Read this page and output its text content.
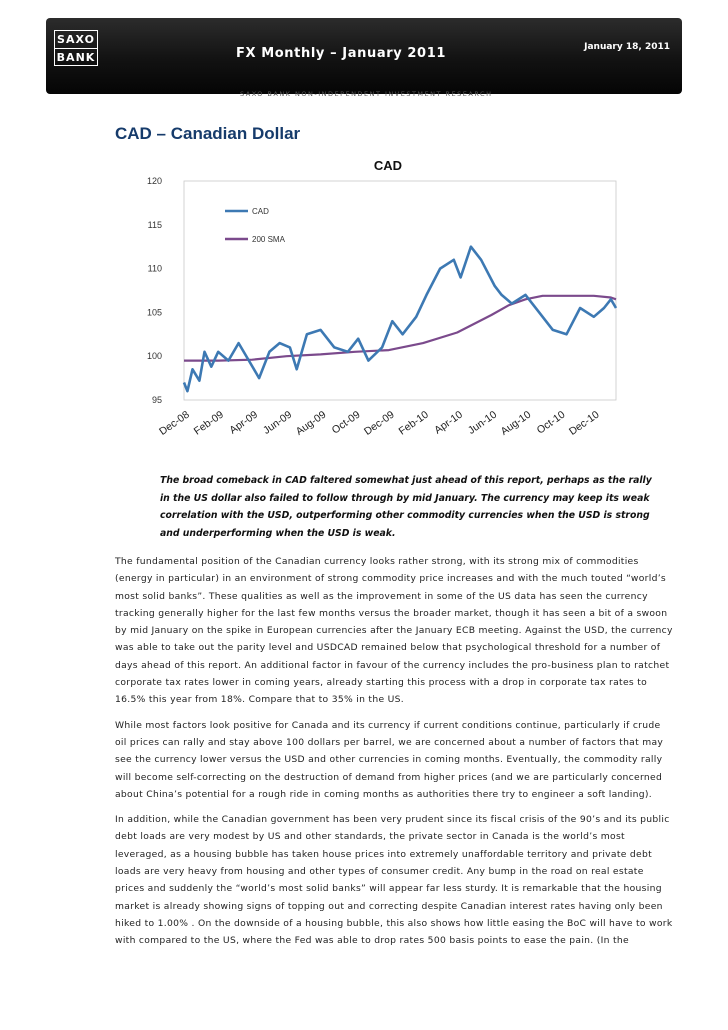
SAXO
BANK	FX Monthly – January 2011	January 18, 2011
SAXO BANK NON-INDEPENDENT INVESTMENT RESEARCH
CAD – Canadian Dollar
CAD
95
100
105
110
115
120
Dec-08 Feb-09 Apr-09 Jun-09 Aug-09 Oct-09 Dec-09 Feb-10 Apr-10 Jun-10 Aug-10 Oct-10 Dec-10
CAD
200 SMA
The broad comeback in CAD faltered somewhat just ahead of this report, perhaps as the rally in the US dollar also failed to follow through by mid January. The currency may keep its weak correlation with the USD, outperforming other commodity currencies when the USD is strong and underperforming when the USD is weak.

The fundamental position of the Canadian currency looks rather strong, with its strong mix of commodities (energy in particular) in an environment of strong commodity price increases and with the much touted “world’s most solid banks”. These qualities as well as the improvement in some of the US data has seen the currency tracking generally higher for the last few months versus the broader market, though it has seen a bit of a swoon by mid January on the spike in European currencies after the January ECB meeting. Against the USD, the currency was able to take out the parity level and USDCAD remained below that psychological threshold for a number of days ahead of this report. An additional factor in favour of the currency includes the pro-business plan to ratchet corporate tax rates lower in coming years, already starting this process with a drop in corporate tax rates to 16.5% this year from 18%. Compare that to 35% in the US.

While most factors look positive for Canada and its currency if current conditions continue, particularly if crude oil prices can rally and stay above 100 dollars per barrel, we are concerned about a number of factors that may see the currency lower versus the USD and other currencies in coming months. Eventually, the commodity rally will become self-correcting on the destruction of demand from higher prices (and we are particularly concerned about China’s potential for a rough ride in coming months as authorities there try to engineer a soft landing).

In addition, while the Canadian government has been very prudent since its fiscal crisis of the 90’s and its public debt loads are very modest by US and other standards, the private sector in Canada is the world’s most leveraged, as a housing bubble has taken house prices into extremely unaffordable territory and private debt loads are very heavy from housing and other types of consumer credit. Any bump in the road on real estate prices and suddenly the “world’s most solid banks” will appear far less sturdy. It is remarkable that the housing market is already showing signs of topping out and correcting despite Canadian interest rates having only been hiked to 1.00% . On the downside of a housing bubble, this also shows how little easing the BoC will have to work with compared to the US, where the Fed was able to drop rates 500 basis points to ease the pain. (In the
